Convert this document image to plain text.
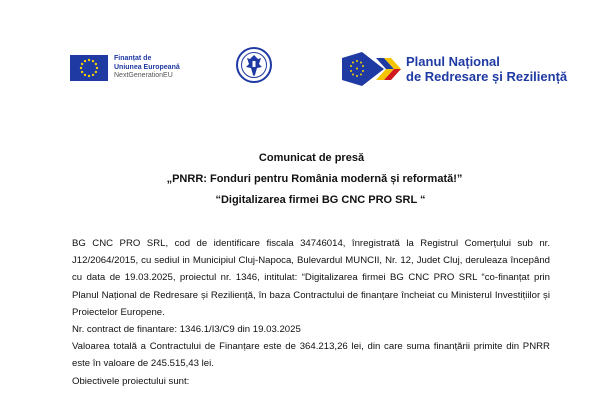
Finanțat de
Uniunea Europeană
NextGenerationEU
Planul Național
de Redresare și Reziliență
Comunicat de presă
„PNRR: Fonduri pentru România modernă și reformată!”
“Digitalizarea firmei BG CNC PRO SRL “

BG CNC PRO SRL, cod de identificare fiscala 34746014, înregistrată la Registrul Comerțului sub nr. J12/2064/2015, cu sediul in Municipiul Cluj-Napoca, Bulevardul MUNCII, Nr. 12, Judet Cluj, deruleaza începând cu data de 19.03.2025, proiectul nr. 1346, intitulat: “Digitalizarea firmei BG CNC PRO SRL “co-finanțat prin Planul Național de Redresare și Reziliență, în baza Contractului de finanțare încheiat cu Ministerul Investițiilor și Proiectelor Europene.

Nr. contract de finantare: 1346.1/I3/C9 din 19.03.2025

Valoarea totală a Contractului de Finanțare este de 364.213,26 lei, din care suma finanțării primite din PNRR este în valoare de 245.515,43 lei.

Obiectivele proiectului sunt:
